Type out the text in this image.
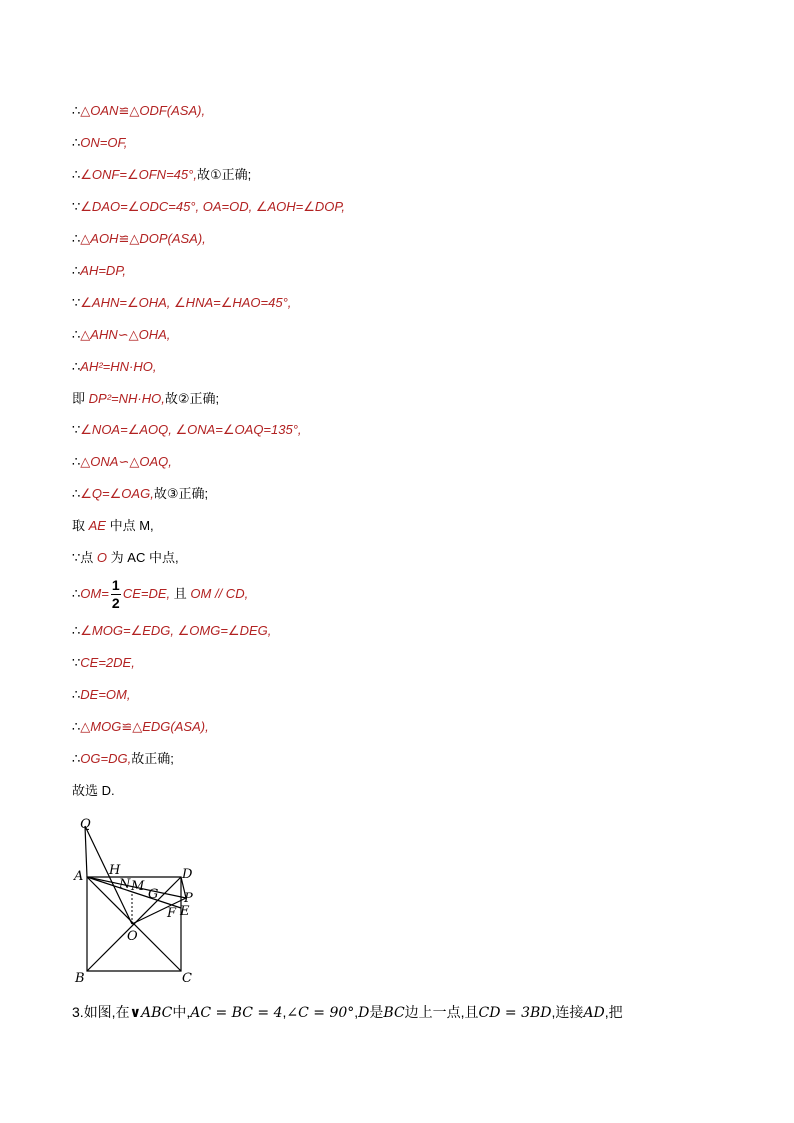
∴△OAN≌△ODF(ASA),
∴ON=OF,
∴∠ONF=∠OFN=45°,故①正确;
∵∠DAO=∠ODC=45°, OA=OD, ∠AOH=∠DOP,
∴△AOH≌△DOP(ASA),
∴AH=DP,
∵∠AHN=∠OHA, ∠HNA=∠HAO=45°,
∴△AHN∽△OHA,
∴AH²=HN·HO,
即 DP²=NH·HO,故②正确;
∵∠NOA=∠AOQ, ∠ONA=∠OAQ=135°,
∴△ONA∽△OAQ,
∴∠Q=∠OAG,故③正确;
取 AE 中点 M,
∵点 O 为 AC 中点,
∴OM= $\frac{1}{2} CE=DE$, 且 OM // CD,
∴∠MOG=∠EDG, ∠OMG=∠DEG,
∵CE=2DE,
∴DE=OM,
∴△MOG≌△EDG(ASA),
∴OG=DG,故正确;
故选 D.
Q
A	D
H
N M
G P
F E
O
B	C
3.如图,在∨ABC中,AC = BC = 4,∠C = 90°,D是BC边上一点,且CD = 3BD,连接AD,把
